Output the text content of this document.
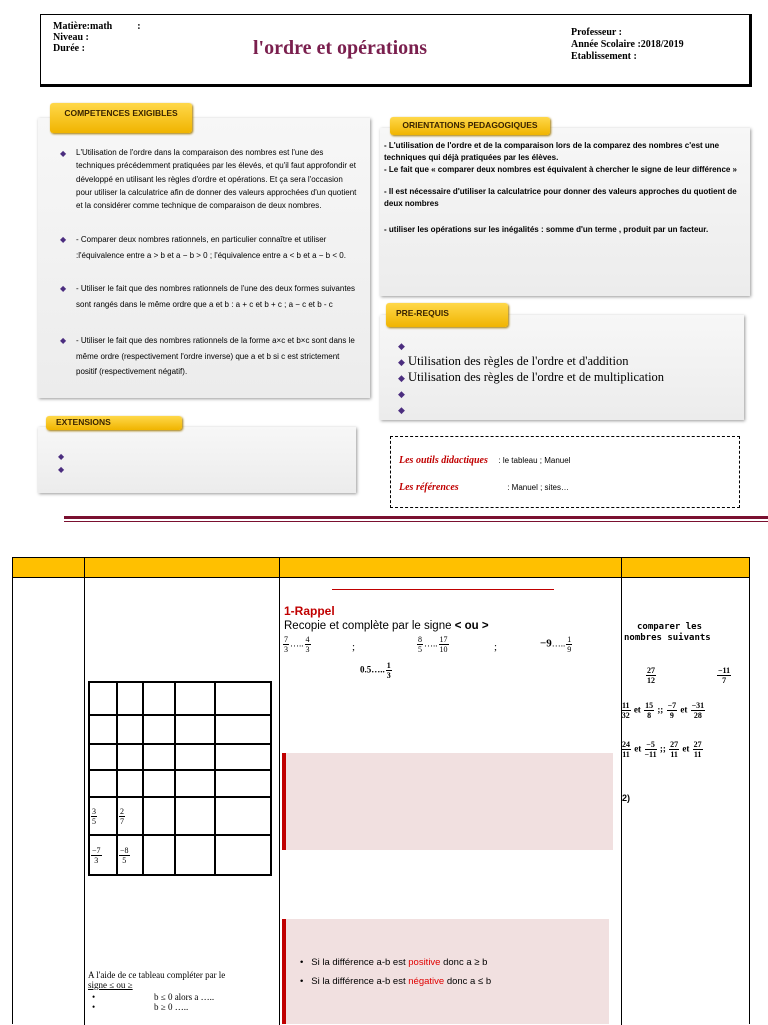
Matière:math	:
Niveau :
Durée :	l'ordre et opérations
Professeur :
Année Scolaire :2018/2019
Etablissement :
COMPETENCES EXIGIBLES
◆ L'Utilisation de l'ordre dans la comparaison des nombres est l'une des techniques précédemment pratiquées par les élevés, et qu'il faut approfondir et développé en utilisant les règles d'ordre et opérations. Et ça sera l'occasion pour utiliser la calculatrice afin de donner des valeurs approchées d'un quotient et la considérer comme technique de comparaison de deux nombres.
◆ - Comparer deux nombres rationnels, en particulier connaître et utiliser :l'équivalence entre a > b et a − b > 0 ; l'équivalence entre a < b et a − b < 0.
◆ - Utiliser le fait que des nombres rationnels de l'une des deux formes suivantes sont rangés dans le même ordre que a et b : a + c et b + c ; a − c et b - c
◆ - Utiliser le fait que des nombres rationnels de la forme a×c et b×c sont dans le même ordre (respectivement l'ordre inverse) que a et b si c est strictement positif (respectivement négatif).
ORIENTATIONS PEDAGOGIQUES
- L'utilisation de l'ordre et de la comparaison lors de la comparez des nombres c'est une techniques qui déjà pratiquées par les élèves.
- Le fait que « comparer deux nombres est équivalent à chercher le signe de leur différence »
- Il est nécessaire d'utiliser la calculatrice pour donner des valeurs approches du quotient de deux nombres
- utiliser les opérations sur les inégalités : somme d'un terme , produit par un facteur.
PRE-REQUIS
◆
◆ Utilisation des règles de l'ordre et d'addition
◆ Utilisation des règles de l'ordre et de multiplication
◆
◆
EXTENSIONS
◆
◆
Les outils didactiques : le tableau ; Manuel
Les références	: Manuel ; sites…

$\frac{3}{5}$	$\frac{2}{7}$

$\frac{-7}{3}$	$\frac{-8}{5}$

A l'aide de ce tableau compléter par le
signe ≤ ou ≥
•	b ≤ 0 alors a …..
•	b ≥ 0 …..
1-Rappel
Recopie et complète par le signe < ou >
$\frac{7}{3}$ ….. $\frac{4}{3}$	;	$\frac{8}{5}$ ….. $\frac{17}{10}$	;	−9….. $\frac{1}{9}$
0.5….. $\frac{1}{3}$
•   Si la différence a-b est positive donc a ≥ b
•   Si la différence a-b est négative donc a ≤ b
comparer les
nombres suivants
$\frac{27}{12}$	$\frac{-11}{7}$
$\frac{11}{32}$ et $\frac{15}{8}$ ;; $\frac{-7}{9}$ et $\frac{-31}{28}$
$\frac{24}{11}$ et $\frac{-5}{-11}$ ;; $\frac{27}{11}$ et $\frac{27}{11}$
2)
